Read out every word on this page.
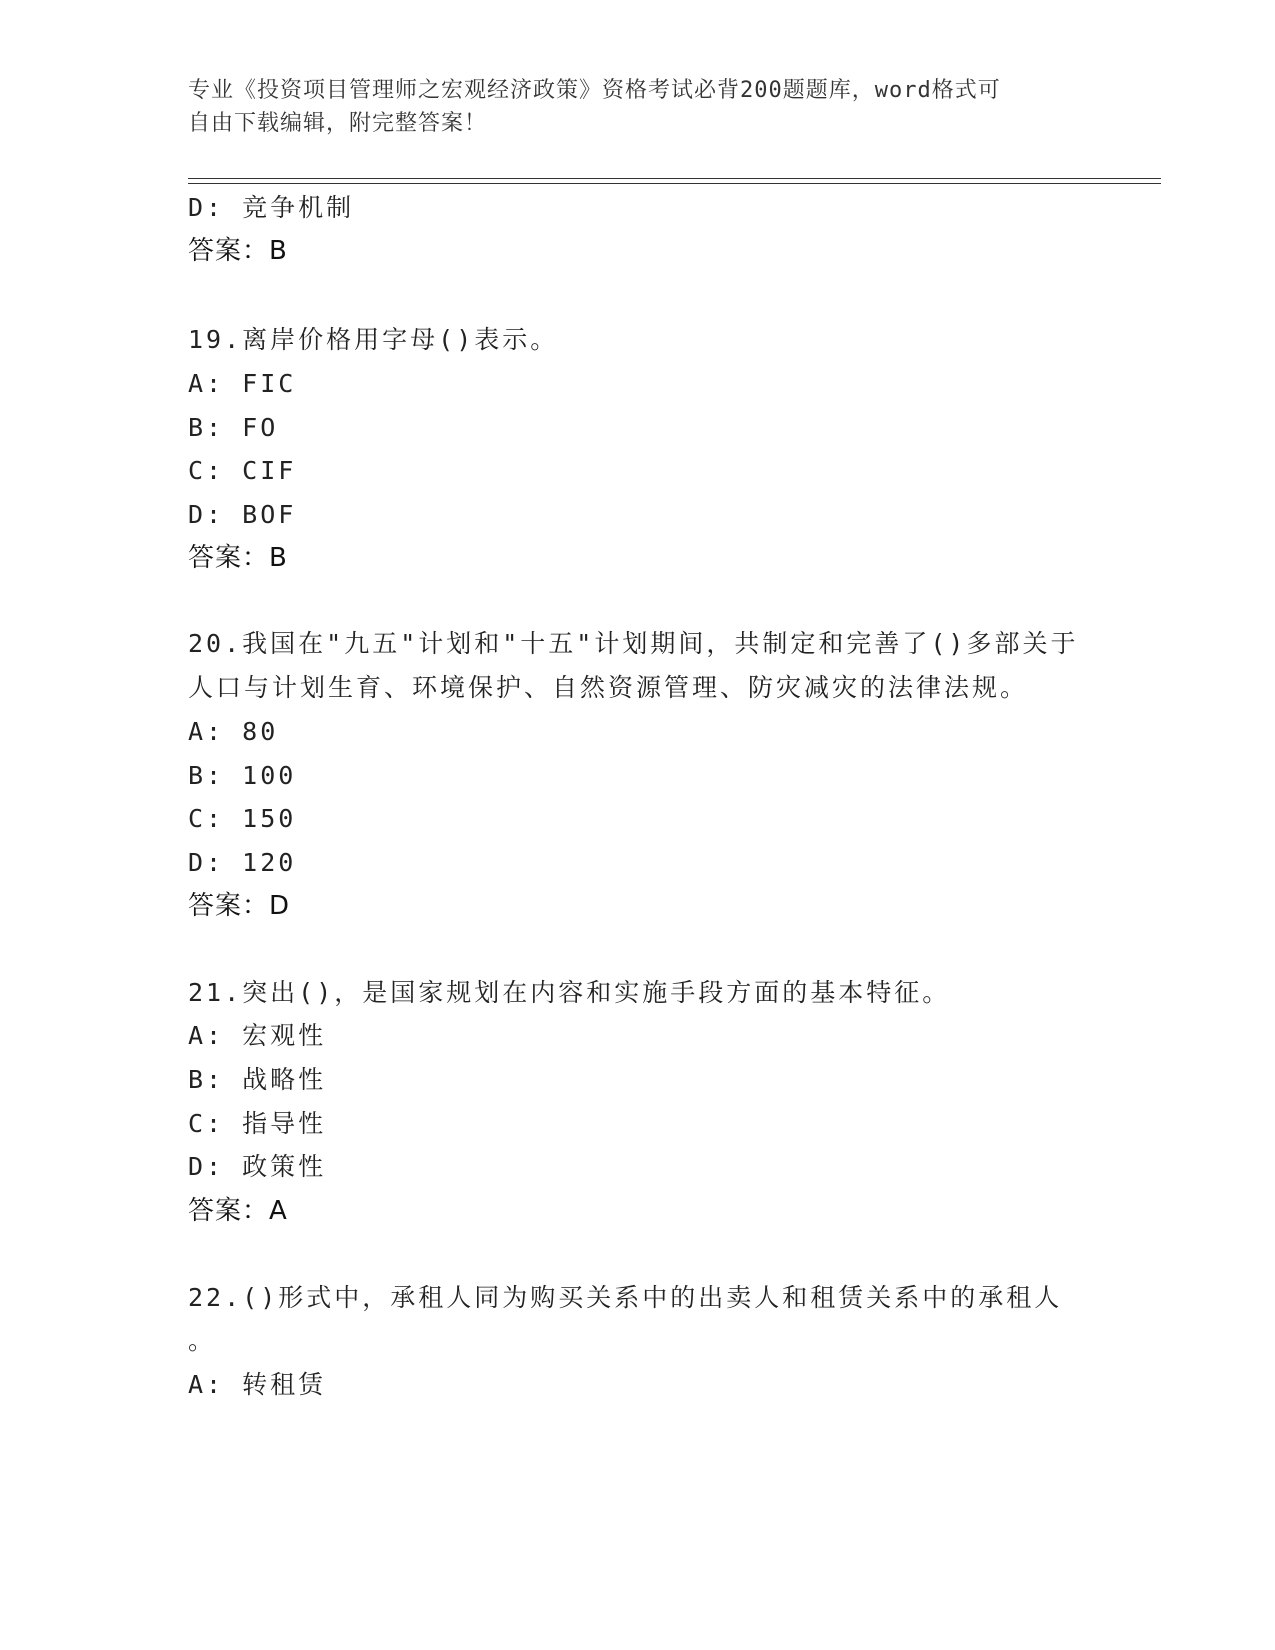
专业《投资项目管理师之宏观经济政策》资格考试必背200题题库，word格式可
自由下载编辑，附完整答案！
D: 竞争机制
答案：B
19.离岸价格用字母()表示。
A: FIC
B: FO
C: CIF
D: BOF
答案：B
20.我国在"九五"计划和"十五"计划期间，共制定和完善了()多部关于
人口与计划生育、环境保护、自然资源管理、防灾减灾的法律法规。
A: 80
B: 100
C: 150
D: 120
答案：D
21.突出()，是国家规划在内容和实施手段方面的基本特征。
A: 宏观性
B: 战略性
C: 指导性
D: 政策性
答案：A
22.()形式中，承租人同为购买关系中的出卖人和租赁关系中的承租人
。
A: 转租赁
